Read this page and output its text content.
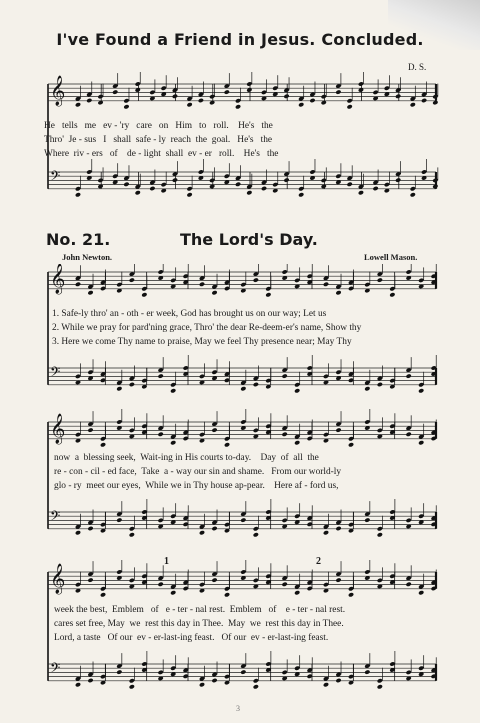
I've Found a Friend in Jesus. Concluded.
D. S.
𝄞
𝄢
He   tells   me   ev - 'ry   care   on   Him   to   roll.    He's   the
Thro'  Je - sus   I   shall  safe - ly  reach  the  goal.   He's   the
Where  riv - ers   of    de - light  shall  ev - er   roll.    He's   the
No. 21.	The Lord's Day.
John Newton.	Lowell Mason.
𝄞
𝄢
1. Safe-ly thro' an - oth - er week, God has brought us on our way; Let us
2. While we pray for pard'ning grace, Thro' the dear Re-deem-er's name, Show thy
3. Here we come Thy name to praise, May we feel Thy presence near; May Thy
𝄞
𝄢
now  a  blessing seek,  Wait-ing in His courts to-day.    Day  of  all  the
re - con - cil - ed face,  Take  a - way our sin and shame.   From our world-ly
glo - ry  meet our eyes,  While we in Thy house ap-pear.    Here af - ford us,
𝄞
𝄢
1	2
week the best,  Emblem   of   e - ter - nal rest.  Emblem   of    e - ter - nal rest.
cares set free, May  we  rest this day in Thee.  May  we  rest this day in Thee.
Lord, a taste   Of our  ev - er-last-ing feast.   Of our  ev - er-last-ing feast.
3
